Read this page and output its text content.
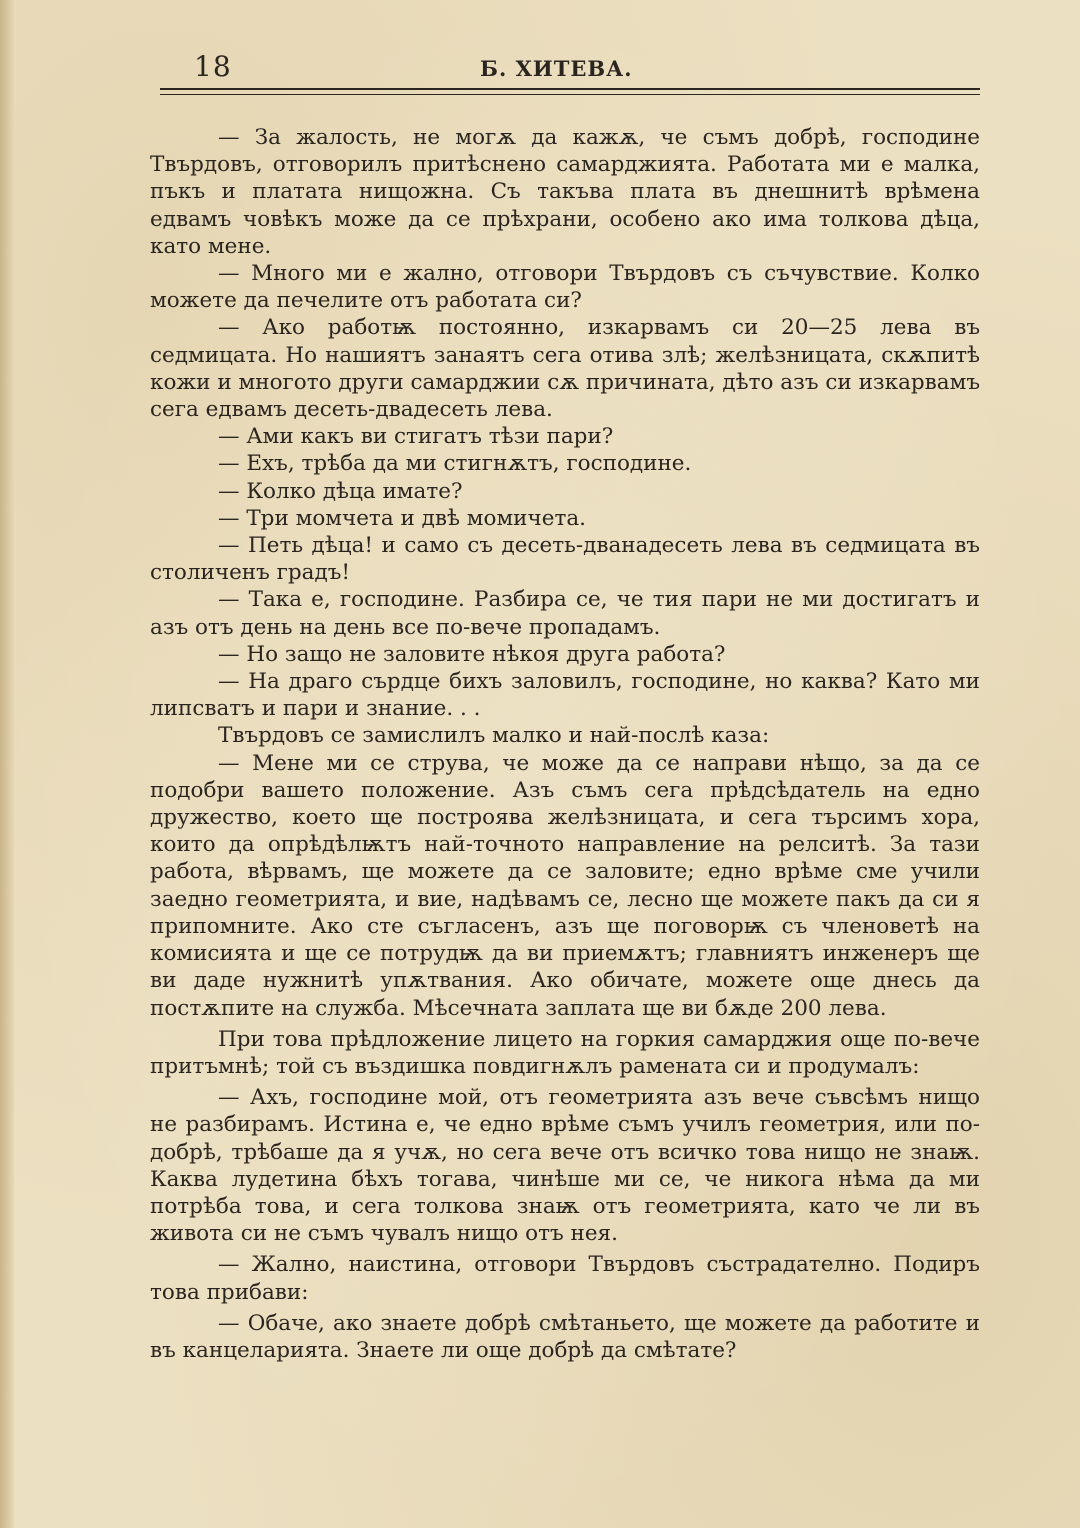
18	Б. ХИТЕВА.

— За жалость, не могѫ да кажѫ, че съмъ добрѣ, господине Твърдовъ, отговорилъ притѣснено самарджията. Работата ми е малка, пъкъ и платата нищожна. Съ такъва плата въ днешнитѣ врѣмена едвамъ човѣкъ може да се прѣхрани, особено ако има толкова дѣца, като мене.

— Много ми е жално, отговори Твърдовъ съ съчувствие. Колко можете да печелите отъ работата си?

— Ако работѭ постоянно, изкарвамъ си 20—25 лева въ седмицата. Но нашиятъ занаятъ сега отива злѣ; желѣзницата, скѫпитѣ кожи и многото други самарджии сѫ причината, дѣто азъ си изкарвамъ сега едвамъ десеть-двадесеть лева.

— Ами какъ ви стигатъ тѣзи пари?

— Ехъ, трѣба да ми стигнѫтъ, господине.

— Колко дѣца имате?

— Три момчета и двѣ момичета.

— Петь дѣца! и само съ десеть-дванадесеть лева въ седмицата въ столиченъ градъ!

— Така е, господине. Разбира се, че тия пари не ми достигатъ и азъ отъ день на день все по-вече пропадамъ.

— Но защо не заловите нѣкоя друга работа?

— На драго сърдце бихъ заловилъ, господине, но каква? Като ми липсватъ и пари и знание. . .

Твърдовъ се замислилъ малко и най-послѣ каза:

— Мене ми се струва, че може да се направи нѣщо, за да се подобри вашето положение. Азъ съмъ сега прѣдсѣдатель на едно дружество, което ще построява желѣзницата, и сега търсимъ хора, които да опрѣдѣлѭтъ най-точното направление на релситѣ. За тази работа, вѣрвамъ, ще можете да се заловите; едно врѣме сме учили заедно геометрията, и вие, надѣвамъ се, лесно ще можете пакъ да си я припомните. Ако сте съгласенъ, азъ ще поговорѭ съ членоветѣ на комисията и ще се потрудѭ да ви приемѫтъ; главниятъ инженеръ ще ви даде нужнитѣ упѫтвания. Ако обичате, можете още днесь да постѫпите на служба. Мѣсечната заплата ще ви бѫде 200 лева.

При това прѣдложение лицето на горкия самарджия още по-вече притъмнѣ; той съ въздишка повдигнѫлъ рамената си и продумалъ:

— Ахъ, господине мой, отъ геометрията азъ вече съвсѣмъ нищо не разбирамъ. Истина е, че едно врѣме съмъ училъ геометрия, или по-добрѣ, трѣбаше да я учѫ, но сега вече отъ всичко това нищо не знаѭ. Каква лудетина бѣхъ тогава, чинѣше ми се, че никога нѣма да ми потрѣба това, и сега толкова знаѭ отъ геометрията, като че ли въ живота си не съмъ чувалъ нищо отъ нея.

— Жално, наистина, отговори Твърдовъ състрадателно. Подиръ това прибави:

— Обаче, ако знаете добрѣ смѣтаньето, ще можете да работите и въ канцеларията. Знаете ли още добрѣ да смѣтате?
